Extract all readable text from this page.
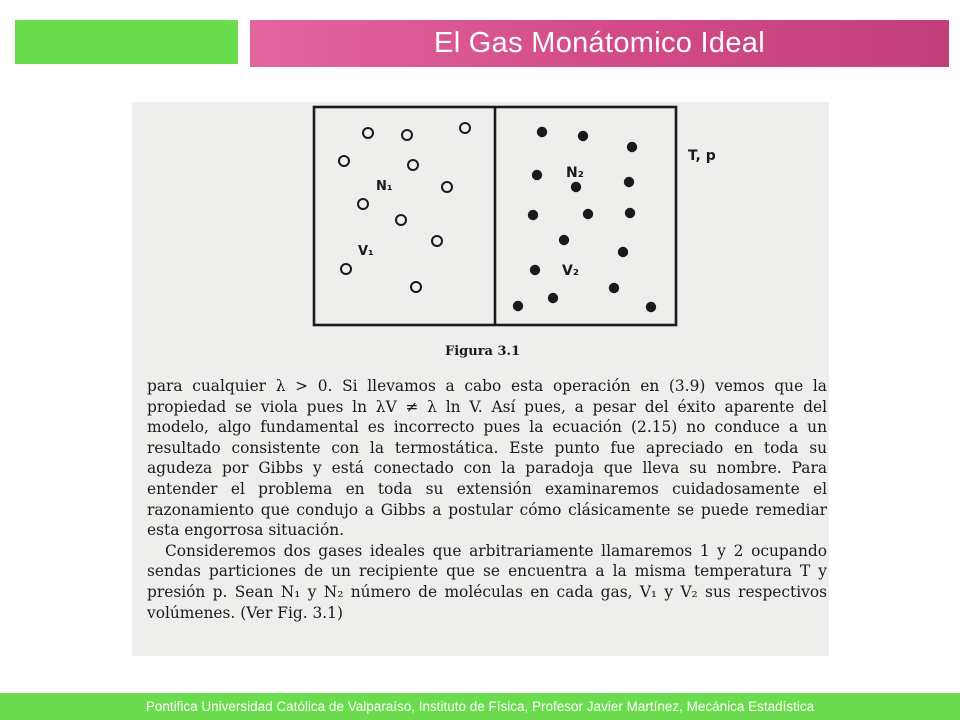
El Gas Monátomico Ideal
N₁
V₁
N₂
V₂
T, p
Figura 3.1

para cualquier λ > 0. Si llevamos a cabo esta operación en (3.9) vemos que la propiedad se viola pues ln λV ≠ λ ln V. Así pues, a pesar del éxito aparente del modelo, algo fundamental es incorrecto pues la ecuación (2.15) no conduce a un resultado consistente con la termostática. Este punto fue apreciado en toda su agudeza por Gibbs y está conectado con la paradoja que lleva su nombre. Para entender el problema en toda su extensión examinaremos cuidadosamente el razonamiento que condujo a Gibbs a postular cómo clásicamente se puede remediar esta engorrosa situación.

Consideremos dos gases ideales que arbitrariamente llamaremos 1 y 2 ocupando sendas particiones de un recipiente que se encuentra a la misma temperatura T y presión p. Sean N₁ y N₂ número de moléculas en cada gas, V₁ y V₂ sus respectivos volúmenes. (Ver Fig. 3.1)

Pontifica Universidad Católica de Valparaíso, Instituto de Física, Profesor Javier Martínez, Mecánica Estadística
